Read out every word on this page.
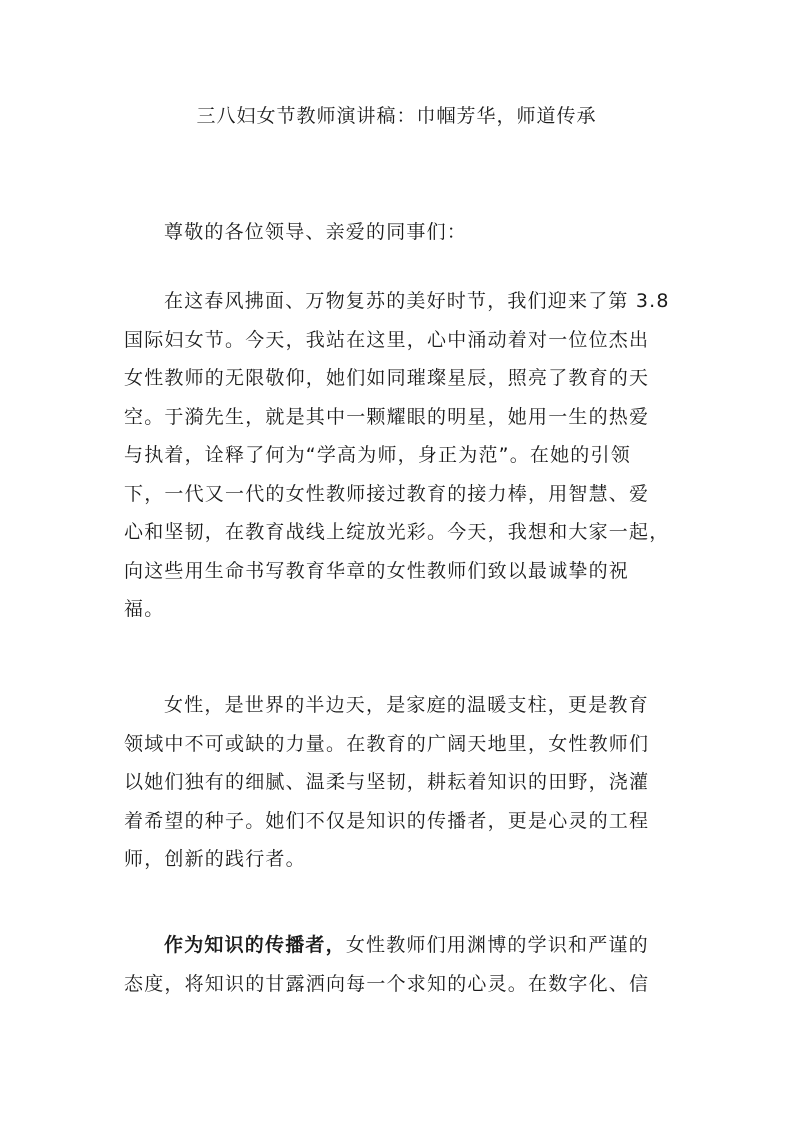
三八妇女节教师演讲稿：巾帼芳华，师道传承

尊敬的各位领导、亲爱的同事们：

在这春风拂面、万物复苏的美好时节，我们迎来了第 3.8
国际妇女节。今天，我站在这里，心中涌动着对一位位杰出
女性教师的无限敬仰，她们如同璀璨星辰，照亮了教育的天
空。于漪先生，就是其中一颗耀眼的明星，她用一生的热爱
与执着，诠释了何为“学高为师，身正为范”。在她的引领
下，一代又一代的女性教师接过教育的接力棒，用智慧、爱
心和坚韧，在教育战线上绽放光彩。今天，我想和大家一起，
向这些用生命书写教育华章的女性教师们致以最诚挚的祝
福。
女性，是世界的半边天，是家庭的温暖支柱，更是教育
领域中不可或缺的力量。在教育的广阔天地里，女性教师们
以她们独有的细腻、温柔与坚韧，耕耘着知识的田野，浇灌
着希望的种子。她们不仅是知识的传播者，更是心灵的工程
师，创新的践行者。
作为知识的传播者，女性教师们用渊博的学识和严谨的
态度，将知识的甘露洒向每一个求知的心灵。在数字化、信
